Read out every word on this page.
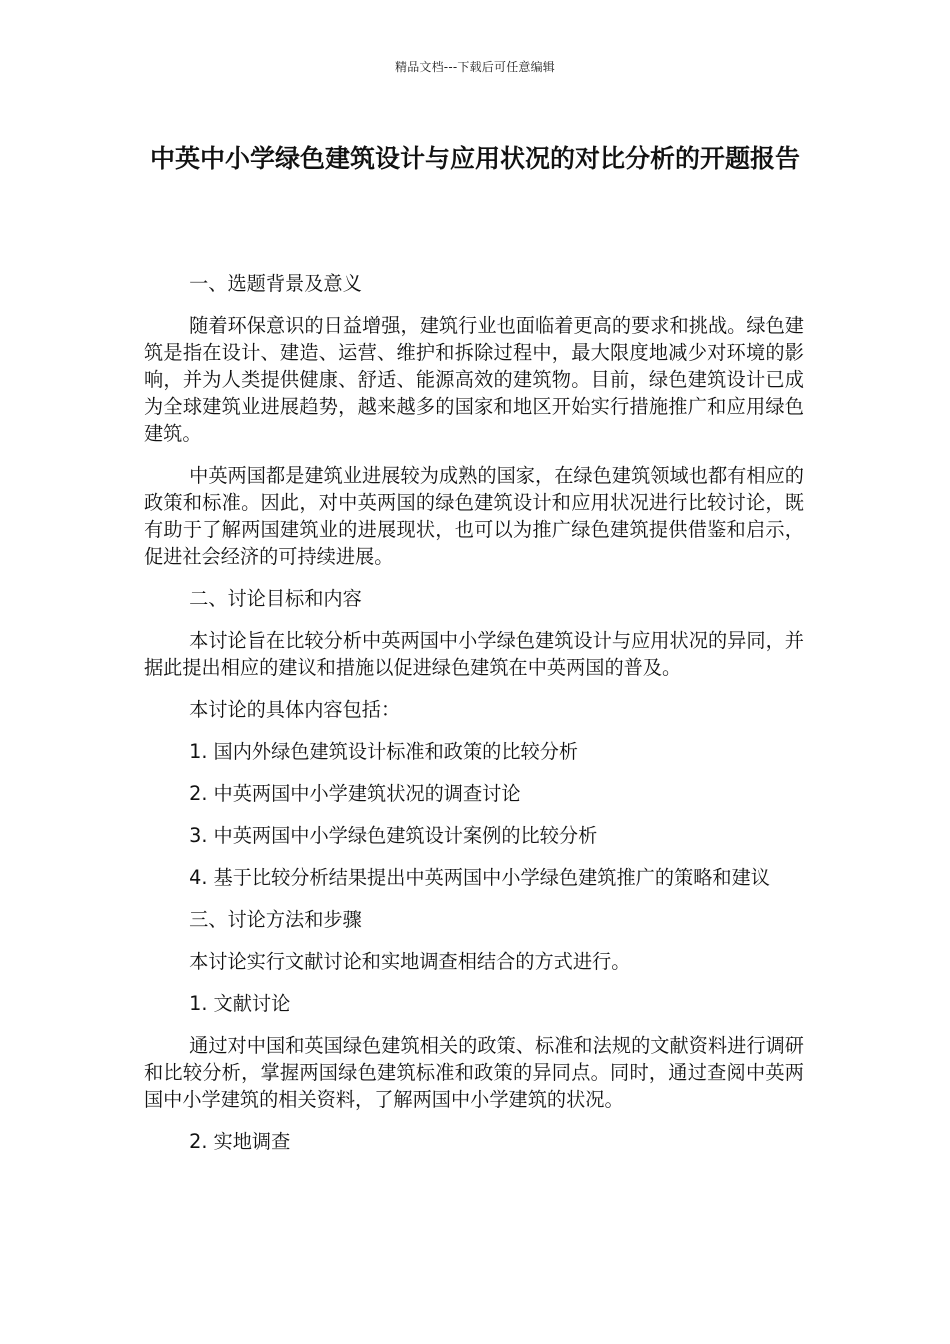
精品文档---下载后可任意编辑
中英中小学绿色建筑设计与应用状况的对比分析的开题报告

一、选题背景及意义

随着环保意识的日益增强，建筑行业也面临着更高的要求和挑战。绿色建筑是指在设计、建造、运营、维护和拆除过程中，最大限度地减少对环境的影响，并为人类提供健康、舒适、能源高效的建筑物。目前，绿色建筑设计已成为全球建筑业进展趋势，越来越多的国家和地区开始实行措施推广和应用绿色建筑。

中英两国都是建筑业进展较为成熟的国家，在绿色建筑领域也都有相应的政策和标准。因此，对中英两国的绿色建筑设计和应用状况进行比较讨论，既有助于了解两国建筑业的进展现状，也可以为推广绿色建筑提供借鉴和启示，促进社会经济的可持续进展。

二、讨论目标和内容

本讨论旨在比较分析中英两国中小学绿色建筑设计与应用状况的异同，并据此提出相应的建议和措施以促进绿色建筑在中英两国的普及。

本讨论的具体内容包括：

1. 国内外绿色建筑设计标准和政策的比较分析

2. 中英两国中小学建筑状况的调查讨论

3. 中英两国中小学绿色建筑设计案例的比较分析

4. 基于比较分析结果提出中英两国中小学绿色建筑推广的策略和建议

三、讨论方法和步骤

本讨论实行文献讨论和实地调查相结合的方式进行。

1. 文献讨论

通过对中国和英国绿色建筑相关的政策、标准和法规的文献资料进行调研和比较分析，掌握两国绿色建筑标准和政策的异同点。同时，通过查阅中英两国中小学建筑的相关资料，了解两国中小学建筑的状况。

2. 实地调查
